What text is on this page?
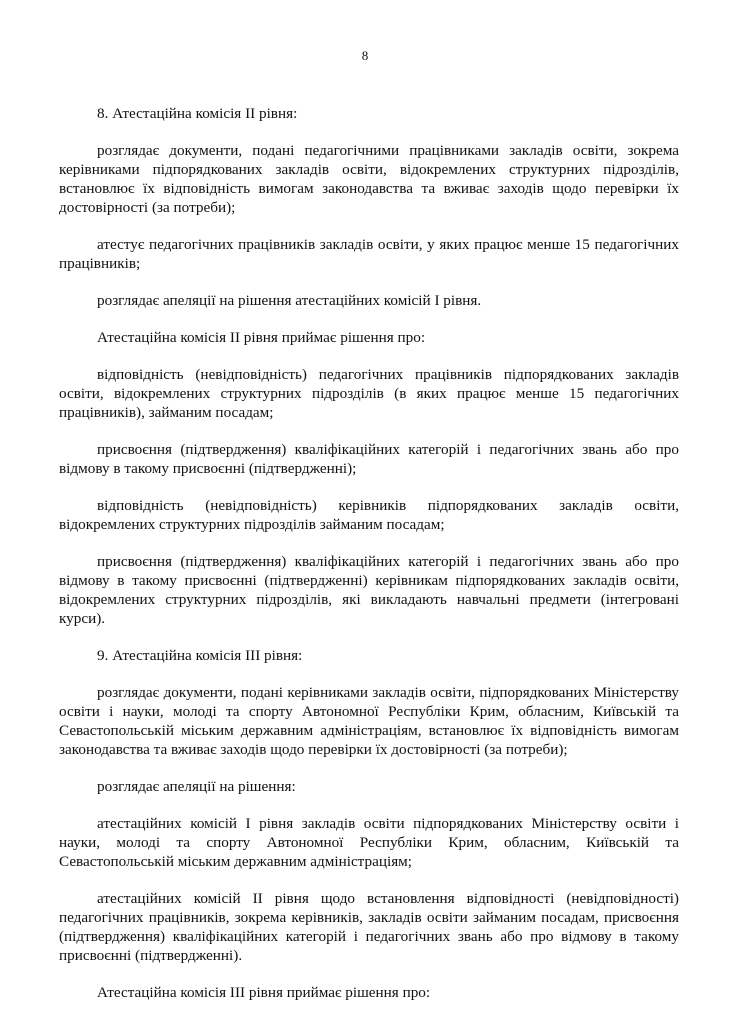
8

8. Атестаційна комісія II рівня:

розглядає документи, подані педагогічними працівниками закладів освіти, зокрема керівниками підпорядкованих закладів освіти, відокремлених структурних підрозділів, встановлює їх відповідність вимогам законодавства та вживає заходів щодо перевірки їх достовірності (за потреби);

атестує педагогічних працівників закладів освіти, у яких працює менше 15 педагогічних працівників;

розглядає апеляції на рішення атестаційних комісій I рівня.

Атестаційна комісія II рівня приймає рішення про:

відповідність (невідповідність) педагогічних працівників підпорядкованих закладів освіти, відокремлених структурних підрозділів (в яких працює менше 15 педагогічних працівників), займаним посадам;

присвоєння (підтвердження) кваліфікаційних категорій і педагогічних звань або про відмову в такому присвоєнні (підтвердженні);

відповідність (невідповідність) керівників підпорядкованих закладів освіти, відокремлених структурних підрозділів займаним посадам;

присвоєння (підтвердження) кваліфікаційних категорій і педагогічних звань або про відмову в такому присвоєнні (підтвердженні) керівникам підпорядкованих закладів освіти, відокремлених структурних підрозділів, які викладають навчальні предмети (інтегровані курси).

9. Атестаційна комісія III рівня:

розглядає документи, подані керівниками закладів освіти, підпорядкованих Міністерству освіти і науки, молоді та спорту Автономної Республіки Крим, обласним, Київській та Севастопольській міським державним адміністраціям, встановлює їх відповідність вимогам законодавства та вживає заходів щодо перевірки їх достовірності (за потреби);

розглядає апеляції на рішення:

атестаційних комісій I рівня закладів освіти підпорядкованих Міністерству освіти і науки, молоді та спорту Автономної Республіки Крим, обласним, Київській та Севастопольській міським державним адміністраціям;

атестаційних комісій II рівня щодо встановлення відповідності (невідповідності) педагогічних працівників, зокрема керівників, закладів освіти займаним посадам, присвоєння (підтвердження) кваліфікаційних категорій і педагогічних звань або про відмову в такому присвоєнні (підтвердженні).

Атестаційна комісія III рівня приймає рішення про:
